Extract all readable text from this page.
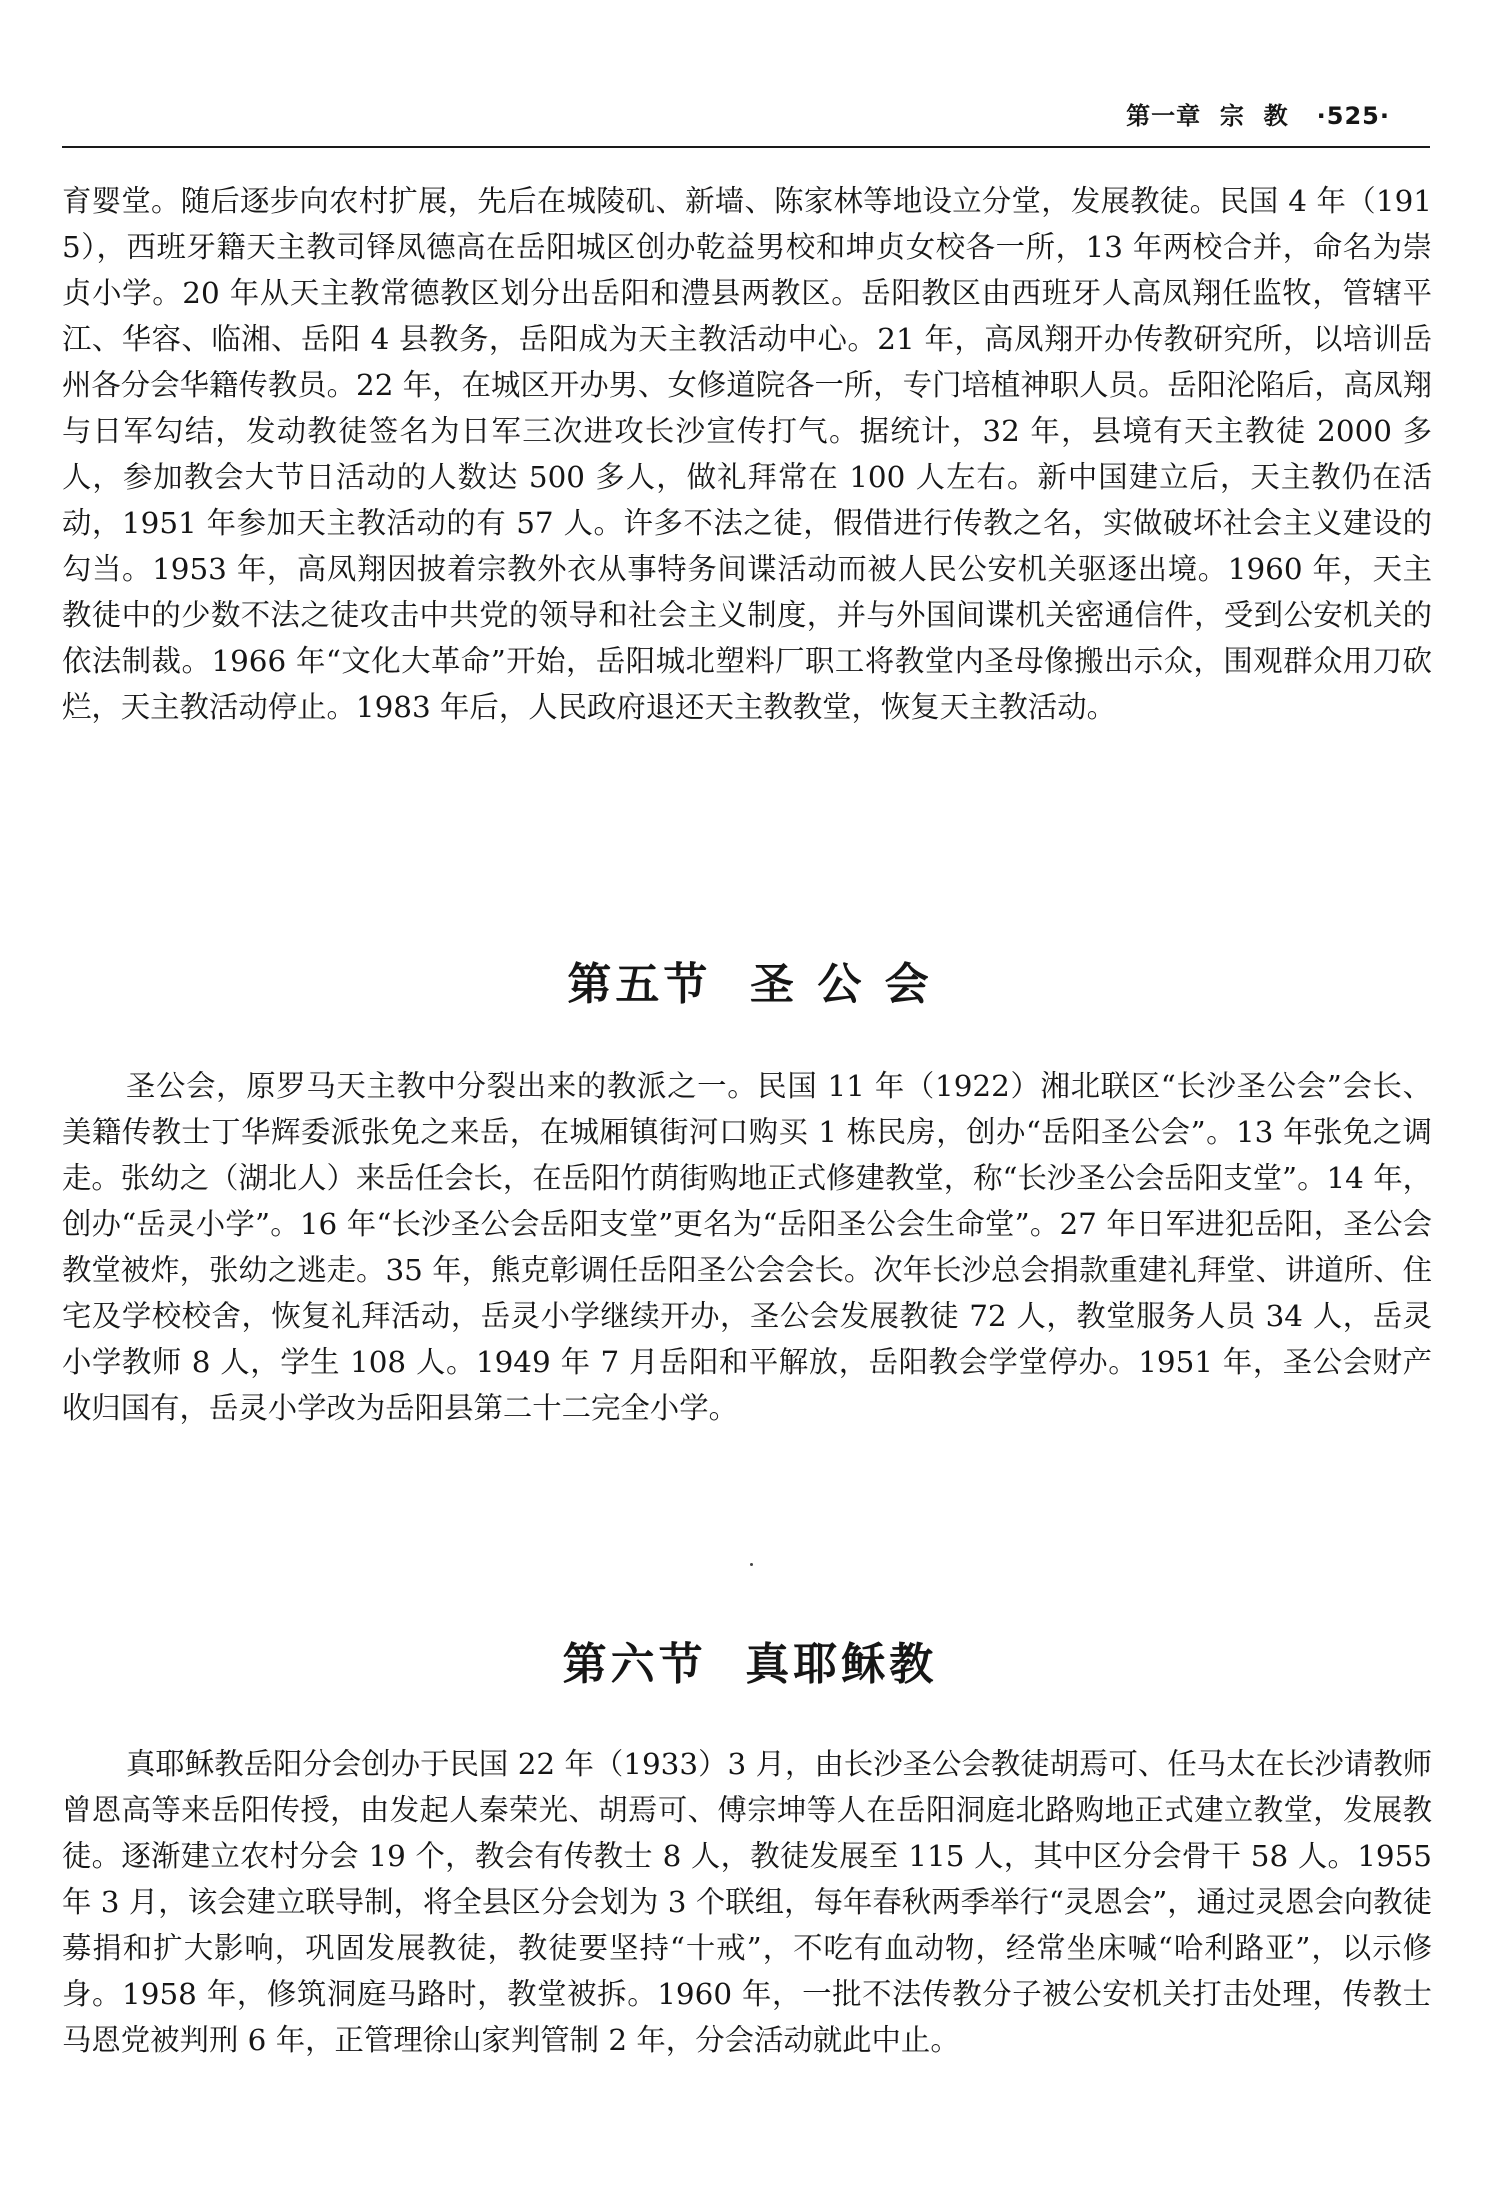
第一章  宗  教   ·525·

育婴堂。随后逐步向农村扩展，先后在城陵矶、新墙、陈家林等地设立分堂，发展教徒。民国 4 年（1915），西班牙籍天主教司铎凤德高在岳阳城区创办乾益男校和坤贞女校各一所，13 年两校合并，命名为崇贞小学。20 年从天主教常德教区划分出岳阳和澧县两教区。岳阳教区由西班牙人高凤翔任监牧，管辖平江、华容、临湘、岳阳 4 县教务，岳阳成为天主教活动中心。21 年，高凤翔开办传教研究所，以培训岳州各分会华籍传教员。22 年，在城区开办男、女修道院各一所，专门培植神职人员。岳阳沦陷后，高凤翔与日军勾结，发动教徒签名为日军三次进攻长沙宣传打气。据统计，32 年，县境有天主教徒 2000 多人，参加教会大节日活动的人数达 500 多人，做礼拜常在 100 人左右。新中国建立后，天主教仍在活动，1951 年参加天主教活动的有 57 人。许多不法之徒，假借进行传教之名，实做破坏社会主义建设的勾当。1953 年，高凤翔因披着宗教外衣从事特务间谍活动而被人民公安机关驱逐出境。1960 年，天主教徒中的少数不法之徒攻击中共党的领导和社会主义制度，并与外国间谍机关密通信件，受到公安机关的依法制裁。1966 年“文化大革命”开始，岳阳城北塑料厂职工将教堂内圣母像搬出示众，围观群众用刀砍烂，天主教活动停止。1983 年后，人民政府退还天主教教堂，恢复天主教活动。

第五节  圣 公 会

圣公会，原罗马天主教中分裂出来的教派之一。民国 11 年（1922）湘北联区“长沙圣公会”会长、美籍传教士丁华辉委派张免之来岳，在城厢镇街河口购买 1 栋民房，创办“岳阳圣公会”。13 年张免之调走。张幼之（湖北人）来岳任会长，在岳阳竹荫街购地正式修建教堂，称“长沙圣公会岳阳支堂”。14 年，创办“岳灵小学”。16 年“长沙圣公会岳阳支堂”更名为“岳阳圣公会生命堂”。27 年日军进犯岳阳，圣公会教堂被炸，张幼之逃走。35 年，熊克彰调任岳阳圣公会会长。次年长沙总会捐款重建礼拜堂、讲道所、住宅及学校校舍，恢复礼拜活动，岳灵小学继续开办，圣公会发展教徒 72 人，教堂服务人员 34 人，岳灵小学教师 8 人，学生 108 人。1949 年 7 月岳阳和平解放，岳阳教会学堂停办。1951 年，圣公会财产收归国有，岳灵小学改为岳阳县第二十二完全小学。

第六节  真耶稣教

真耶稣教岳阳分会创办于民国 22 年（1933）3 月，由长沙圣公会教徒胡焉可、任马太在长沙请教师曾恩高等来岳阳传授，由发起人秦荣光、胡焉可、傅宗坤等人在岳阳洞庭北路购地正式建立教堂，发展教徒。逐渐建立农村分会 19 个，教会有传教士 8 人，教徒发展至 115 人，其中区分会骨干 58 人。1955 年 3 月，该会建立联导制，将全县区分会划为 3 个联组，每年春秋两季举行“灵恩会”，通过灵恩会向教徒募捐和扩大影响，巩固发展教徒，教徒要坚持“十戒”，不吃有血动物，经常坐床喊“哈利路亚”，以示修身。1958 年，修筑洞庭马路时，教堂被拆。1960 年，一批不法传教分子被公安机关打击处理，传教士马恩党被判刑 6 年，正管理徐山家判管制 2 年，分会活动就此中止。
